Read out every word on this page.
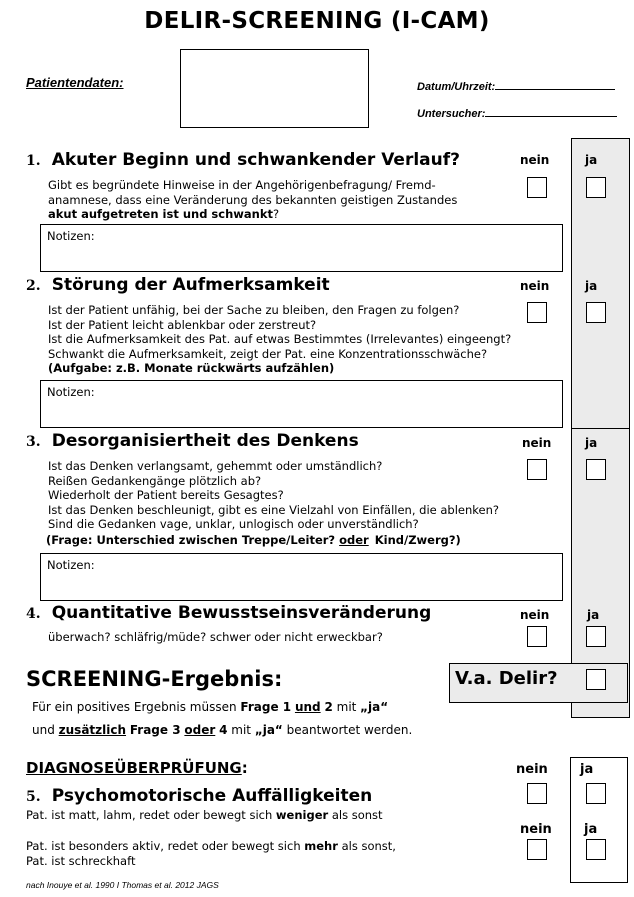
DELIR-SCREENING (I-CAM)
Patientendaten:	Datum/Uhrzeit:
Untersucher:
1. Akuter Beginn und schwankender Verlauf?	nein	ja
Gibt es begründete Hinweise in der Angehörigenbefragung/ Fremd-
anamnese, dass eine Veränderung des bekannten geistigen Zustandes
akut aufgetreten ist und schwankt?
Notizen:
2. Störung der Aufmerksamkeit	nein	ja
Ist der Patient unfähig, bei der Sache zu bleiben, den Fragen zu folgen?
Ist der Patient leicht ablenkbar oder zerstreut?
Ist die Aufmerksamkeit des Pat. auf etwas Bestimmtes (Irrelevantes) eingeengt?
Schwankt die Aufmerksamkeit, zeigt der Pat. eine Konzentrationsschwäche?
(Aufgabe: z.B. Monate rückwärts aufzählen)
Notizen:
3. Desorganisiertheit des Denkens	nein	ja
Ist das Denken verlangsamt, gehemmt oder umständlich?
Reißen Gedankengänge plötzlich ab?
Wiederholt der Patient bereits Gesagtes?
Ist das Denken beschleunigt, gibt es eine Vielzahl von Einfällen, die ablenken?
Sind die Gedanken vage, unklar, unlogisch oder unverständlich?
(Frage: Unterschied zwischen Treppe/Leiter? oder Kind/Zwerg?)
Notizen:
4. Quantitative Bewusstseinsveränderung	nein	ja
überwach? schläfrig/müde? schwer oder nicht erweckbar?
SCREENING-Ergebnis:	V.a. Delir?
Für ein positives Ergebnis müssen Frage 1 und 2 mit „ja“
und zusätzlich Frage 3 oder 4 mit „ja“ beantwortet werden.
DIAGNOSEÜBERPRÜFUNG:	nein ja
5. Psychomotorische Auffälligkeiten
Pat. ist matt, lahm, redet oder bewegt sich weniger als sonst
nein ja
Pat. ist besonders aktiv, redet oder bewegt sich mehr als sonst,
Pat. ist schreckhaft
nach Inouye et al. 1990 I Thomas et al. 2012 JAGS
